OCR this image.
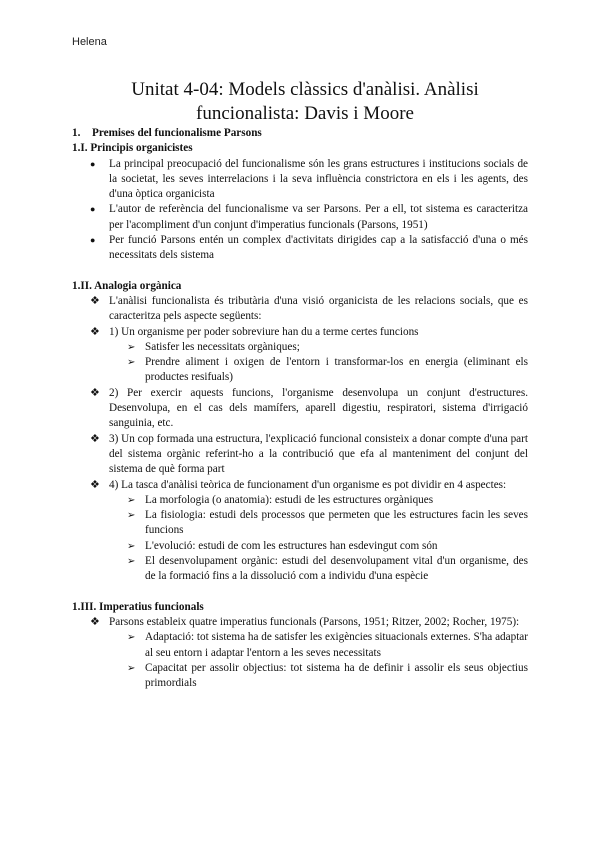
Helena
Unitat 4-04: Models clàssics d'anàlisi. Anàlisi funcionalista: Davis i Moore
1. Premises del funcionalisme Parsons
1.I. Principis organicistes
● La principal preocupació del funcionalisme són les grans estructures i institucions socials de la societat, les seves interrelacions i la seva influència constrictora en els i les agents, des d'una òptica organicista
● L'autor de referència del funcionalisme va ser Parsons. Per a ell, tot sistema es caracteritza per l'acompliment d'un conjunt d'imperatius funcionals (Parsons, 1951)
● Per funció Parsons entén un complex d'activitats dirigides cap a la satisfacció d'una o més necessitats dels sistema
1.II. Analogia orgànica
❖ L'anàlisi funcionalista és tributària d'una visió organicista de les relacions socials, que es caracteritza pels aspecte següents:
❖ 1) Un organisme per poder sobreviure han du a terme certes funcions
➢ Satisfer les necessitats orgàniques;
➢ Prendre aliment i oxigen de l'entorn i transformar-los en energia (eliminant els productes resifuals)
❖ 2) Per exercir aquests funcions, l'organisme desenvolupa un conjunt d'estructures. Desenvolupa, en el cas dels mamífers, aparell digestiu, respiratori, sistema d'irrigació sanguinia, etc.
❖ 3) Un cop formada una estructura, l'explicació funcional consisteix a donar compte d'una part del sistema orgànic referint-ho a la contribució que efa al manteniment del conjunt del sistema de què forma part
❖ 4) La tasca d'anàlisi teòrica de funcionament d'un organisme es pot dividir en 4 aspectes:
➢ La morfologia (o anatomia): estudi de les estructures orgàniques
➢ La fisiologia: estudi dels processos que permeten que les estructures facin les seves funcions
➢ L'evolució: estudi de com les estructures han esdevingut com són
➢ El desenvolupament orgànic: estudi del desenvolupament vital d'un organisme, des de la formació fins a la dissolució com a individu d'una espècie
1.III. Imperatius funcionals
❖ Parsons estableix quatre imperatius funcionals (Parsons, 1951; Ritzer, 2002; Rocher, 1975):
➢ Adaptació: tot sistema ha de satisfer les exigències situacionals externes. S'ha adaptar al seu entorn i adaptar l'entorn a les seves necessitats
➢ Capacitat per assolir objectius: tot sistema ha de definir i assolir els seus objectius primordials
